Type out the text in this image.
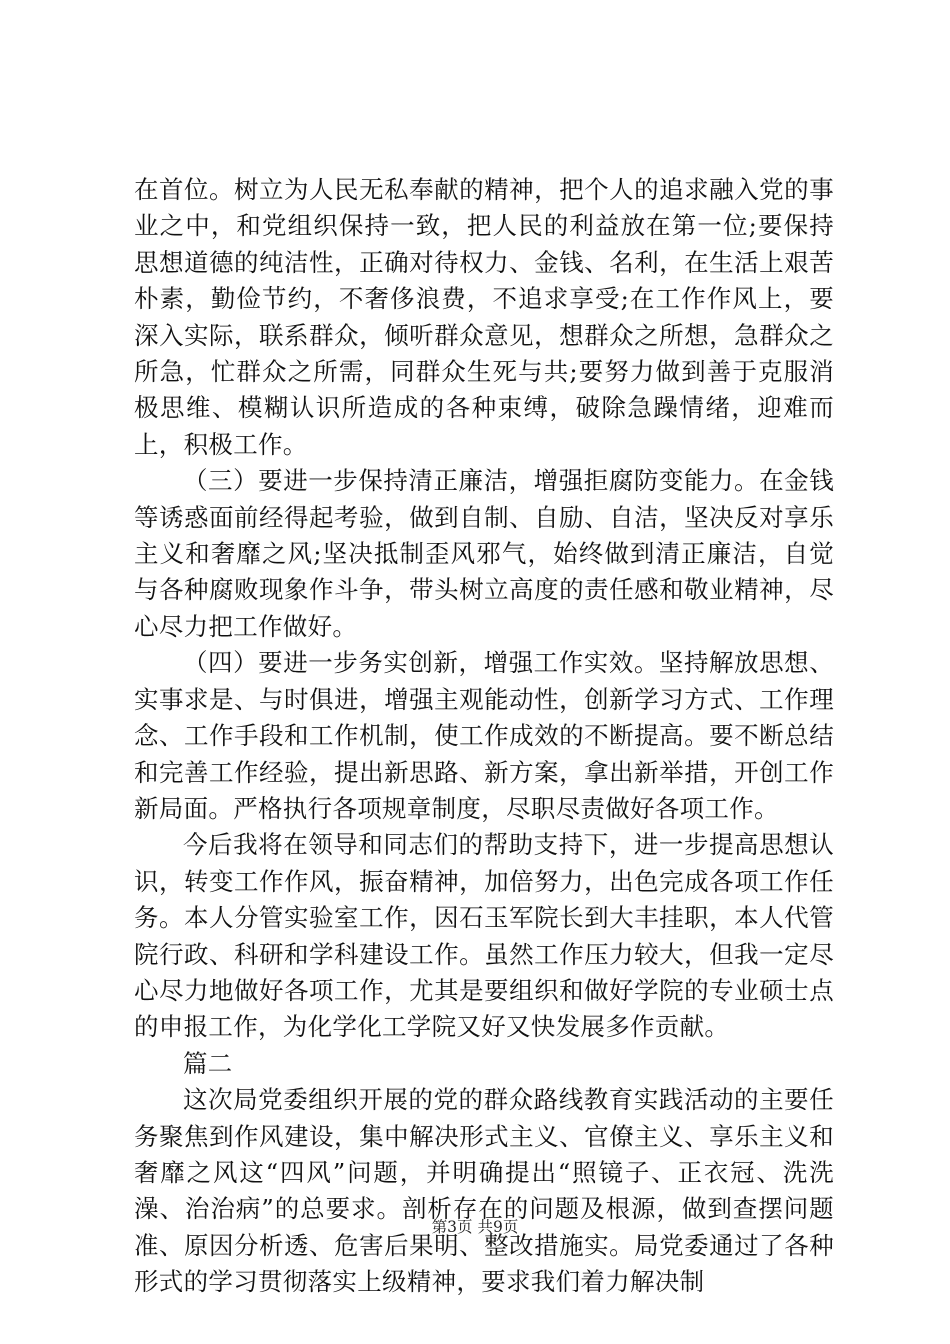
在首位。树立为人民无私奉献的精神，把个人的追求融入党的事业之中，和党组织保持一致，把人民的利益放在第一位;要保持思想道德的纯洁性，正确对待权力、金钱、名利，在生活上艰苦朴素，勤俭节约，不奢侈浪费，不追求享受;在工作作风上，要深入实际，联系群众，倾听群众意见，想群众之所想，急群众之所急，忙群众之所需，同群众生死与共;要努力做到善于克服消极思维、模糊认识所造成的各种束缚，破除急躁情绪，迎难而上，积极工作。

（三）要进一步保持清正廉洁，增强拒腐防变能力。在金钱等诱惑面前经得起考验，做到自制、自励、自洁，坚决反对享乐主义和奢靡之风;坚决抵制歪风邪气，始终做到清正廉洁，自觉与各种腐败现象作斗争，带头树立高度的责任感和敬业精神，尽心尽力把工作做好。

（四）要进一步务实创新，增强工作实效。坚持解放思想、实事求是、与时俱进，增强主观能动性，创新学习方式、工作理念、工作手段和工作机制，使工作成效的不断提高。要不断总结和完善工作经验，提出新思路、新方案，拿出新举措，开创工作新局面。严格执行各项规章制度，尽职尽责做好各项工作。

今后我将在领导和同志们的帮助支持下，进一步提高思想认识，转变工作作风，振奋精神，加倍努力，出色完成各项工作任务。本人分管实验室工作，因石玉军院长到大丰挂职，本人代管院行政、科研和学科建设工作。虽然工作压力较大，但我一定尽心尽力地做好各项工作，尤其是要组织和做好学院的专业硕士点的申报工作，为化学化工学院又好又快发展多作贡献。

篇二

这次局党委组织开展的党的群众路线教育实践活动的主要任务聚焦到作风建设，集中解决形式主义、官僚主义、享乐主义和奢靡之风这“四风”问题，并明确提出“照镜子、正衣冠、洗洗澡、治治病”的总要求。剖析存在的问题及根源，做到查摆问题准、原因分析透、危害后果明、整改措施实。局党委通过了各种形式的学习贯彻落实上级精神，要求我们着力解决制

第3页 共9页
